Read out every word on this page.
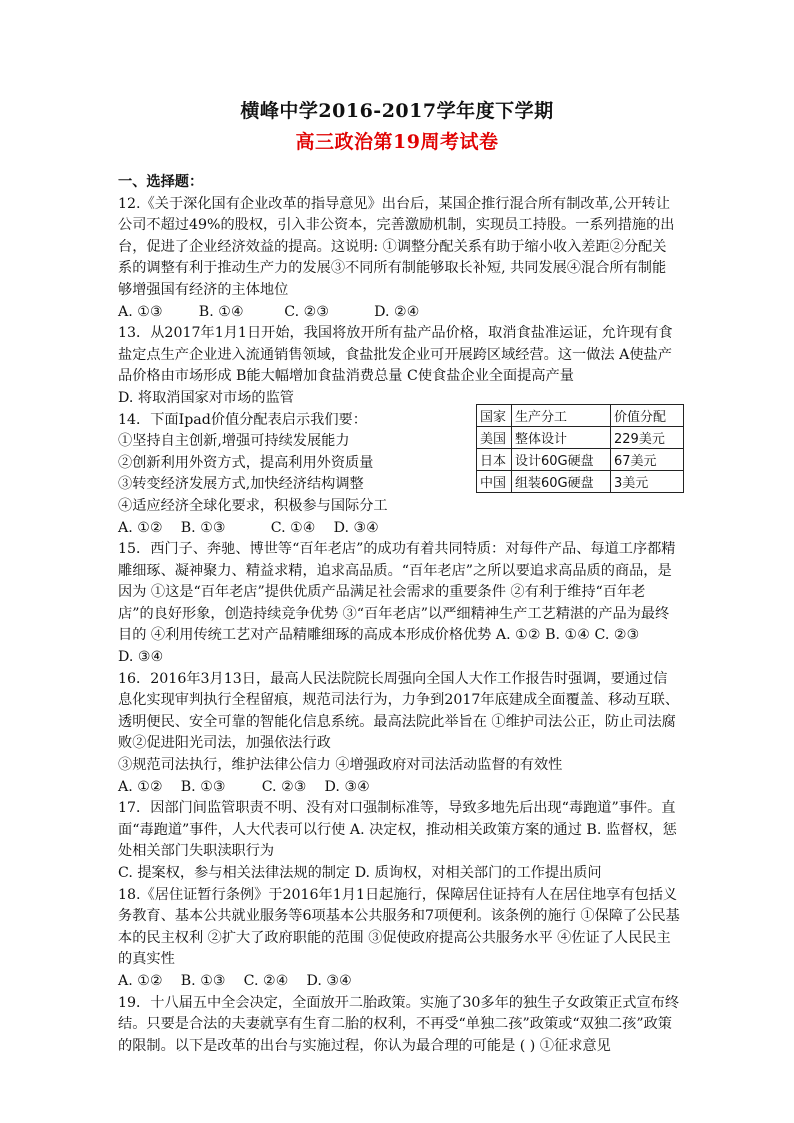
横峰中学2016-2017学年度下学期
高三政治第19周考试卷
一、选择题：
12.《关于深化国有企业改革的指导意见》出台后，某国企推行混合所有制改革,公开转让公司不超过49%的股权，引入非公资本，完善激励机制，实现员工持股。一系列措施的出台，促进了企业经济效益的提高。这说明: ①调整分配关系有助于缩小收入差距②分配关系的调整有利于推动生产力的发展③不同所有制能够取长补短, 共同发展④混合所有制能够增强国有经济的主体地位
A. ①③        B. ①④         C. ②③          D. ②④
13．从2017年1月1日开始，我国将放开所有盐产品价格，取消食盐准运证，允许现有食盐定点生产企业进入流通销售领域，食盐批发企业可开展跨区域经营。这一做法 A使盐产品价格由市场形成 B能大幅增加食盐消费总量 C使食盐企业全面提高产量
D. 将取消国家对市场的监管
14．下面Ipad价值分配表启示我们要：
①坚持自主创新,增强可持续发展能力
②创新利用外资方式，提高利用外资质量
③转变经济发展方式,加快经济结构调整
④适应经济全球化要求，积极参与国际分工
A. ①②    B. ①③          C. ①④    D. ③④
15．西门子、奔驰、博世等“百年老店”的成功有着共同特质：对每件产品、每道工序都精雕细琢、凝神聚力、精益求精，追求高品质。“百年老店”之所以要追求高品质的商品，是因为 ①这是“百年老店”提供优质产品满足社会需求的重要条件 ②有利于维持“百年老店”的良好形象，创造持续竞争优势 ③“百年老店”以严细精神生产工艺精湛的产品为最终目的 ④利用传统工艺对产品精雕细琢的高成本形成价格优势 A. ①② B. ①④ C. ②③
D. ③④
16．2016年3月13日，最高人民法院院长周强向全国人大作工作报告时强调，要通过信息化实现审判执行全程留痕，规范司法行为，力争到2017年底建成全面覆盖、移动互联、透明便民、安全可靠的智能化信息系统。最高法院此举旨在 ①维护司法公正，防止司法腐败②促进阳光司法，加强依法行政
③规范司法执行，维护法律公信力 ④增强政府对司法活动监督的有效性
A. ①②    B. ①③        C. ②③    D. ③④
17．因部门间监管职责不明、没有对口强制标准等，导致多地先后出现“毒跑道”事件。直面“毒跑道”事件，人大代表可以行使 A. 决定权，推动相关政策方案的通过 B. 监督权，惩处相关部门失职渎职行为
C. 提案权，参与相关法律法规的制定 D. 质询权，对相关部门的工作提出质问
18.《居住证暂行条例》于2016年1月1日起施行，保障居住证持有人在居住地享有包括义务教育、基本公共就业服务等6项基本公共服务和7项便利。该条例的施行 ①保障了公民基本的民主权利 ②扩大了政府职能的范围 ③促使政府提高公共服务水平 ④佐证了人民民主的真实性
A. ①②    B. ①③    C. ②④    D. ③④
19．十八届五中全会决定，全面放开二胎政策。实施了30多年的独生子女政策正式宣布终结。只要是合法的夫妻就享有生育二胎的权利，不再受“单独二孩”政策或“双独二孩”政策的限制。以下是改革的出台与实施过程，你认为最合理的可能是 ( ) ①征求意见
国家	生产分工	价值分配
美国	整体设计	229美元
日本	设计60G硬盘	67美元
中国	组装60G硬盘	3美元
